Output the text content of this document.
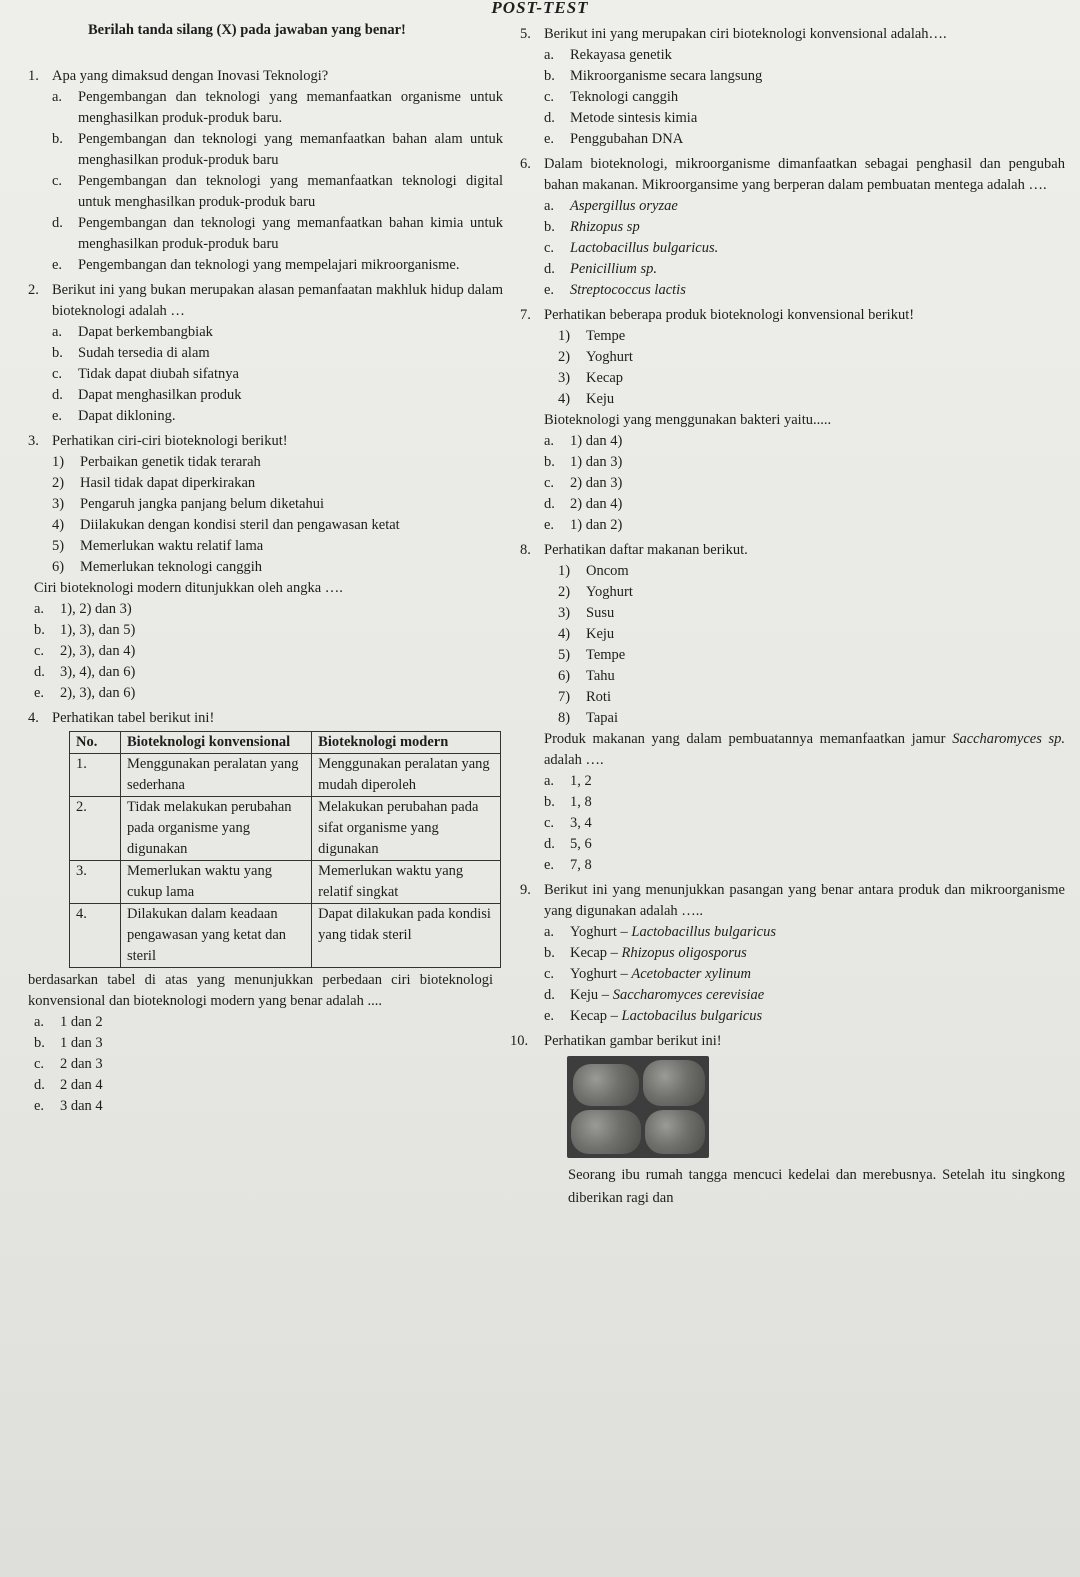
POST-TEST
Berilah tanda silang (X) pada jawaban yang benar!
1. Apa yang dimaksud dengan Inovasi Teknologi?
a.	Pengembangan dan teknologi yang memanfaatkan organisme untuk menghasilkan produk-produk baru.
b.	Pengembangan dan teknologi yang memanfaatkan bahan alam untuk menghasilkan produk-produk baru
c.	Pengembangan dan teknologi yang memanfaatkan teknologi digital untuk menghasilkan produk-produk baru
d.	Pengembangan dan teknologi yang memanfaatkan bahan kimia untuk menghasilkan produk-produk baru
e.	Pengembangan dan teknologi yang mempelajari mikroorganisme.
2. Berikut ini yang bukan merupakan alasan pemanfaatan makhluk hidup dalam bioteknologi adalah …
a.	Dapat berkembangbiak
b.	Sudah tersedia di alam
c.	Tidak dapat diubah sifatnya
d.	Dapat menghasilkan produk
e.	Dapat dikloning.
3. Perhatikan ciri-ciri bioteknologi berikut!
1)	Perbaikan genetik tidak terarah
2)	Hasil tidak dapat diperkirakan
3)	Pengaruh jangka panjang belum diketahui
4)	Diilakukan dengan kondisi steril dan pengawasan ketat
5)	Memerlukan waktu relatif lama
6)	Memerlukan teknologi canggih
Ciri bioteknologi modern ditunjukkan oleh angka ….
a.	1), 2) dan 3)
b.	1), 3), dan 5)
c.	2), 3), dan 4)
d.	3), 4), dan 6)
e.	2), 3), dan 6)
4. Perhatikan tabel berikut ini!
No.	Bioteknologi konvensional	Bioteknologi modern
1.	Menggunakan peralatan yang sederhana	Menggunakan peralatan yang mudah diperoleh
2.	Tidak melakukan perubahan pada organisme yang digunakan	Melakukan perubahan pada sifat organisme yang digunakan
3.	Memerlukan waktu yang cukup lama	Memerlukan waktu yang relatif singkat
4.	Dilakukan dalam keadaan pengawasan yang ketat dan steril	Dapat dilakukan pada kondisi yang tidak steril
berdasarkan tabel di atas yang menunjukkan perbedaan ciri bioteknologi konvensional dan bioteknologi modern yang benar adalah ....
a.	1 dan 2
b.	1 dan 3
c.	2 dan 3
d.	2 dan 4
e.	3 dan 4
5. Berikut ini yang merupakan ciri bioteknologi konvensional adalah….
a.	Rekayasa genetik
b.	Mikroorganisme secara langsung
c.	Teknologi canggih
d.	Metode sintesis kimia
e.	Penggubahan DNA
6. Dalam bioteknologi, mikroorganisme dimanfaatkan sebagai penghasil dan pengubah bahan makanan. Mikroorgansime yang berperan dalam pembuatan mentega adalah ….
a.	Aspergillus oryzae
b.	Rhizopus sp
c.	Lactobacillus bulgaricus.
d.	Penicillium sp.
e.	Streptococcus lactis
7. Perhatikan beberapa produk bioteknologi konvensional berikut!
1)	Tempe
2)	Yoghurt
3)	Kecap
4)	Keju
Bioteknologi yang menggunakan bakteri yaitu.....
a.	1) dan 4)
b.	1) dan 3)
c.	2) dan 3)
d.	2) dan 4)
e.	1) dan 2)
8. Perhatikan daftar makanan berikut.
1)	Oncom
2)	Yoghurt
3)	Susu
4)	Keju
5)	Tempe
6)	Tahu
7)	Roti
8)	Tapai
Produk makanan yang dalam pembuatannya memanfaatkan jamur Saccharomyces sp. adalah ….
a.	1, 2
b.	1, 8
c.	3, 4
d.	5, 6
e.	7, 8
9. Berikut ini yang menunjukkan pasangan yang benar antara produk dan mikroorganisme yang digunakan adalah …..
a.	Yoghurt – Lactobacillus bulgaricus
b.	Kecap – Rhizopus oligosporus
c.	Yoghurt – Acetobacter xylinum
d.	Keju – Saccharomyces cerevisiae
e.	Kecap – Lactobacilus bulgaricus
10.	Perhatikan gambar berikut ini!
Seorang ibu rumah tangga mencuci kedelai dan merebusnya. Setelah itu singkong diberikan ragi dan
